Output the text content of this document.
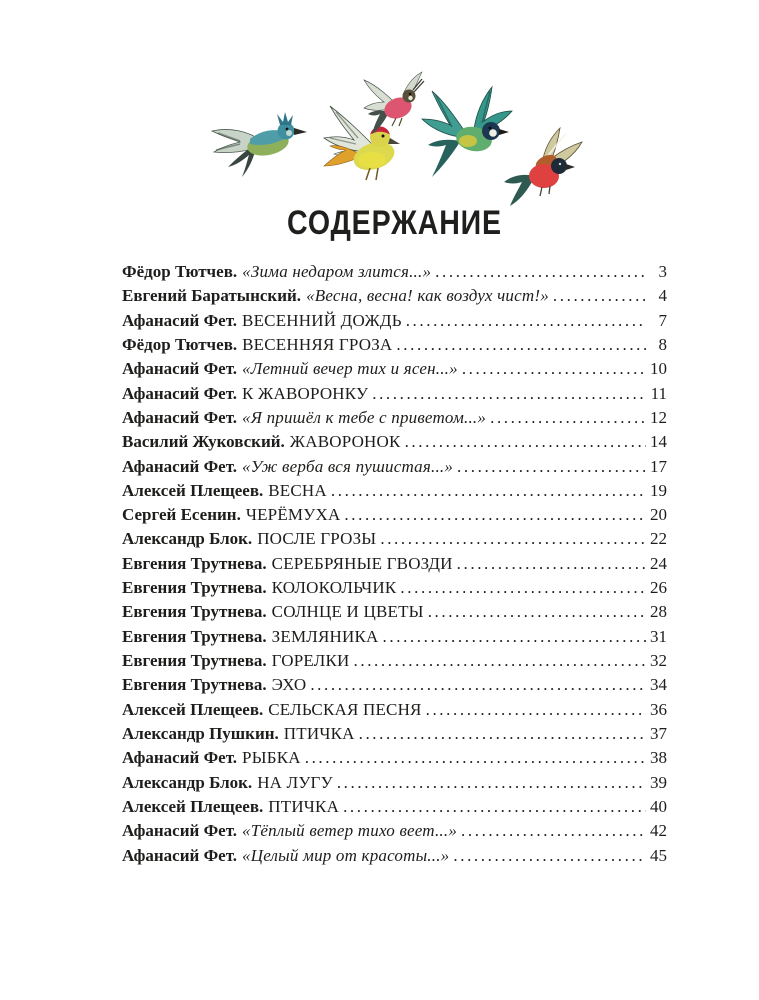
СОДЕРЖАНИЕ
Фёдор Тютчев. «Зима недаром злится...» .....	3
Евгений Баратынский. «Весна, весна! как воздух чист!» .....	4
Афанасий Фет. ВЕСЕННИЙ ДОЖДЬ .....	7
Фёдор Тютчев. ВЕСЕННЯЯ ГРОЗА .....	8
Афанасий Фет. «Летний вечер тих и ясен...» .....	10
Афанасий Фет. К ЖАВОРОНКУ .....	11
Афанасий Фет. «Я пришёл к тебе с приветом...» .....	12
Василий Жуковский. ЖАВОРОНОК .....	14
Афанасий Фет. «Уж верба вся пушистая...» .....	17
Алексей Плещеев. ВЕСНА .....	19
Сергей Есенин. ЧЕРЁМУХА .....	20
Александр Блок. ПОСЛЕ ГРОЗЫ .....	22
Евгения Трутнева. СЕРЕБРЯНЫЕ ГВОЗДИ .....	24
Евгения Трутнева. КОЛОКОЛЬЧИК .....	26
Евгения Трутнева. СОЛНЦЕ И ЦВЕТЫ .....	28
Евгения Трутнева. ЗЕМЛЯНИКА .....	31
Евгения Трутнева. ГОРЕЛКИ .....	32
Евгения Трутнева. ЭХО .....	34
Алексей Плещеев. СЕЛЬСКАЯ ПЕСНЯ .....	36
Александр Пушкин. ПТИЧКА .....	37
Афанасий Фет. РЫБКА .....	38
Александр Блок. НА ЛУГУ .....	39
Алексей Плещеев. ПТИЧКА .....	40
Афанасий Фет. «Тёплый ветер тихо веет...» .....	42
Афанасий Фет. «Целый мир от красоты...» .....	45
